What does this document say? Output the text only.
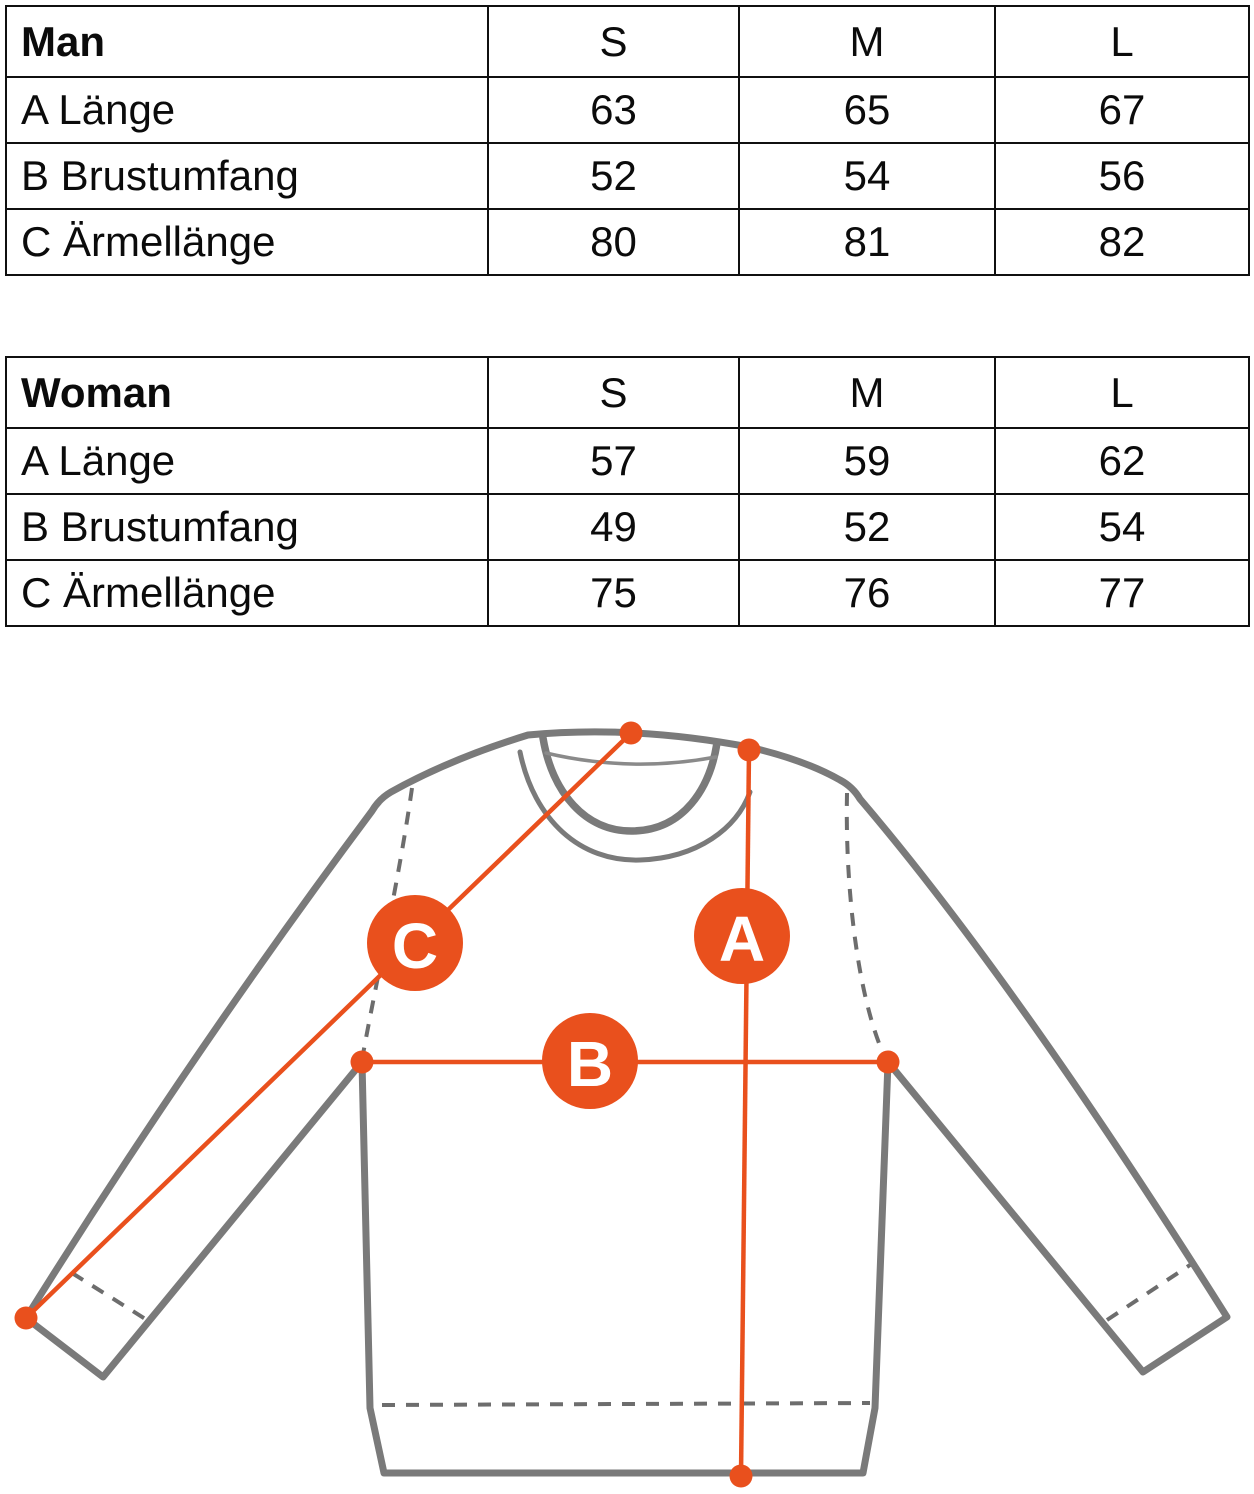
Man	S	M	L
A Länge	63	65	67
B Brustumfang	52	54	56
C Ärmellänge	80	81	82
Woman	S	M	L
A Länge	57	59	62
B Brustumfang	49	52	54
C Ärmellänge	75	76	77
C	A
B
